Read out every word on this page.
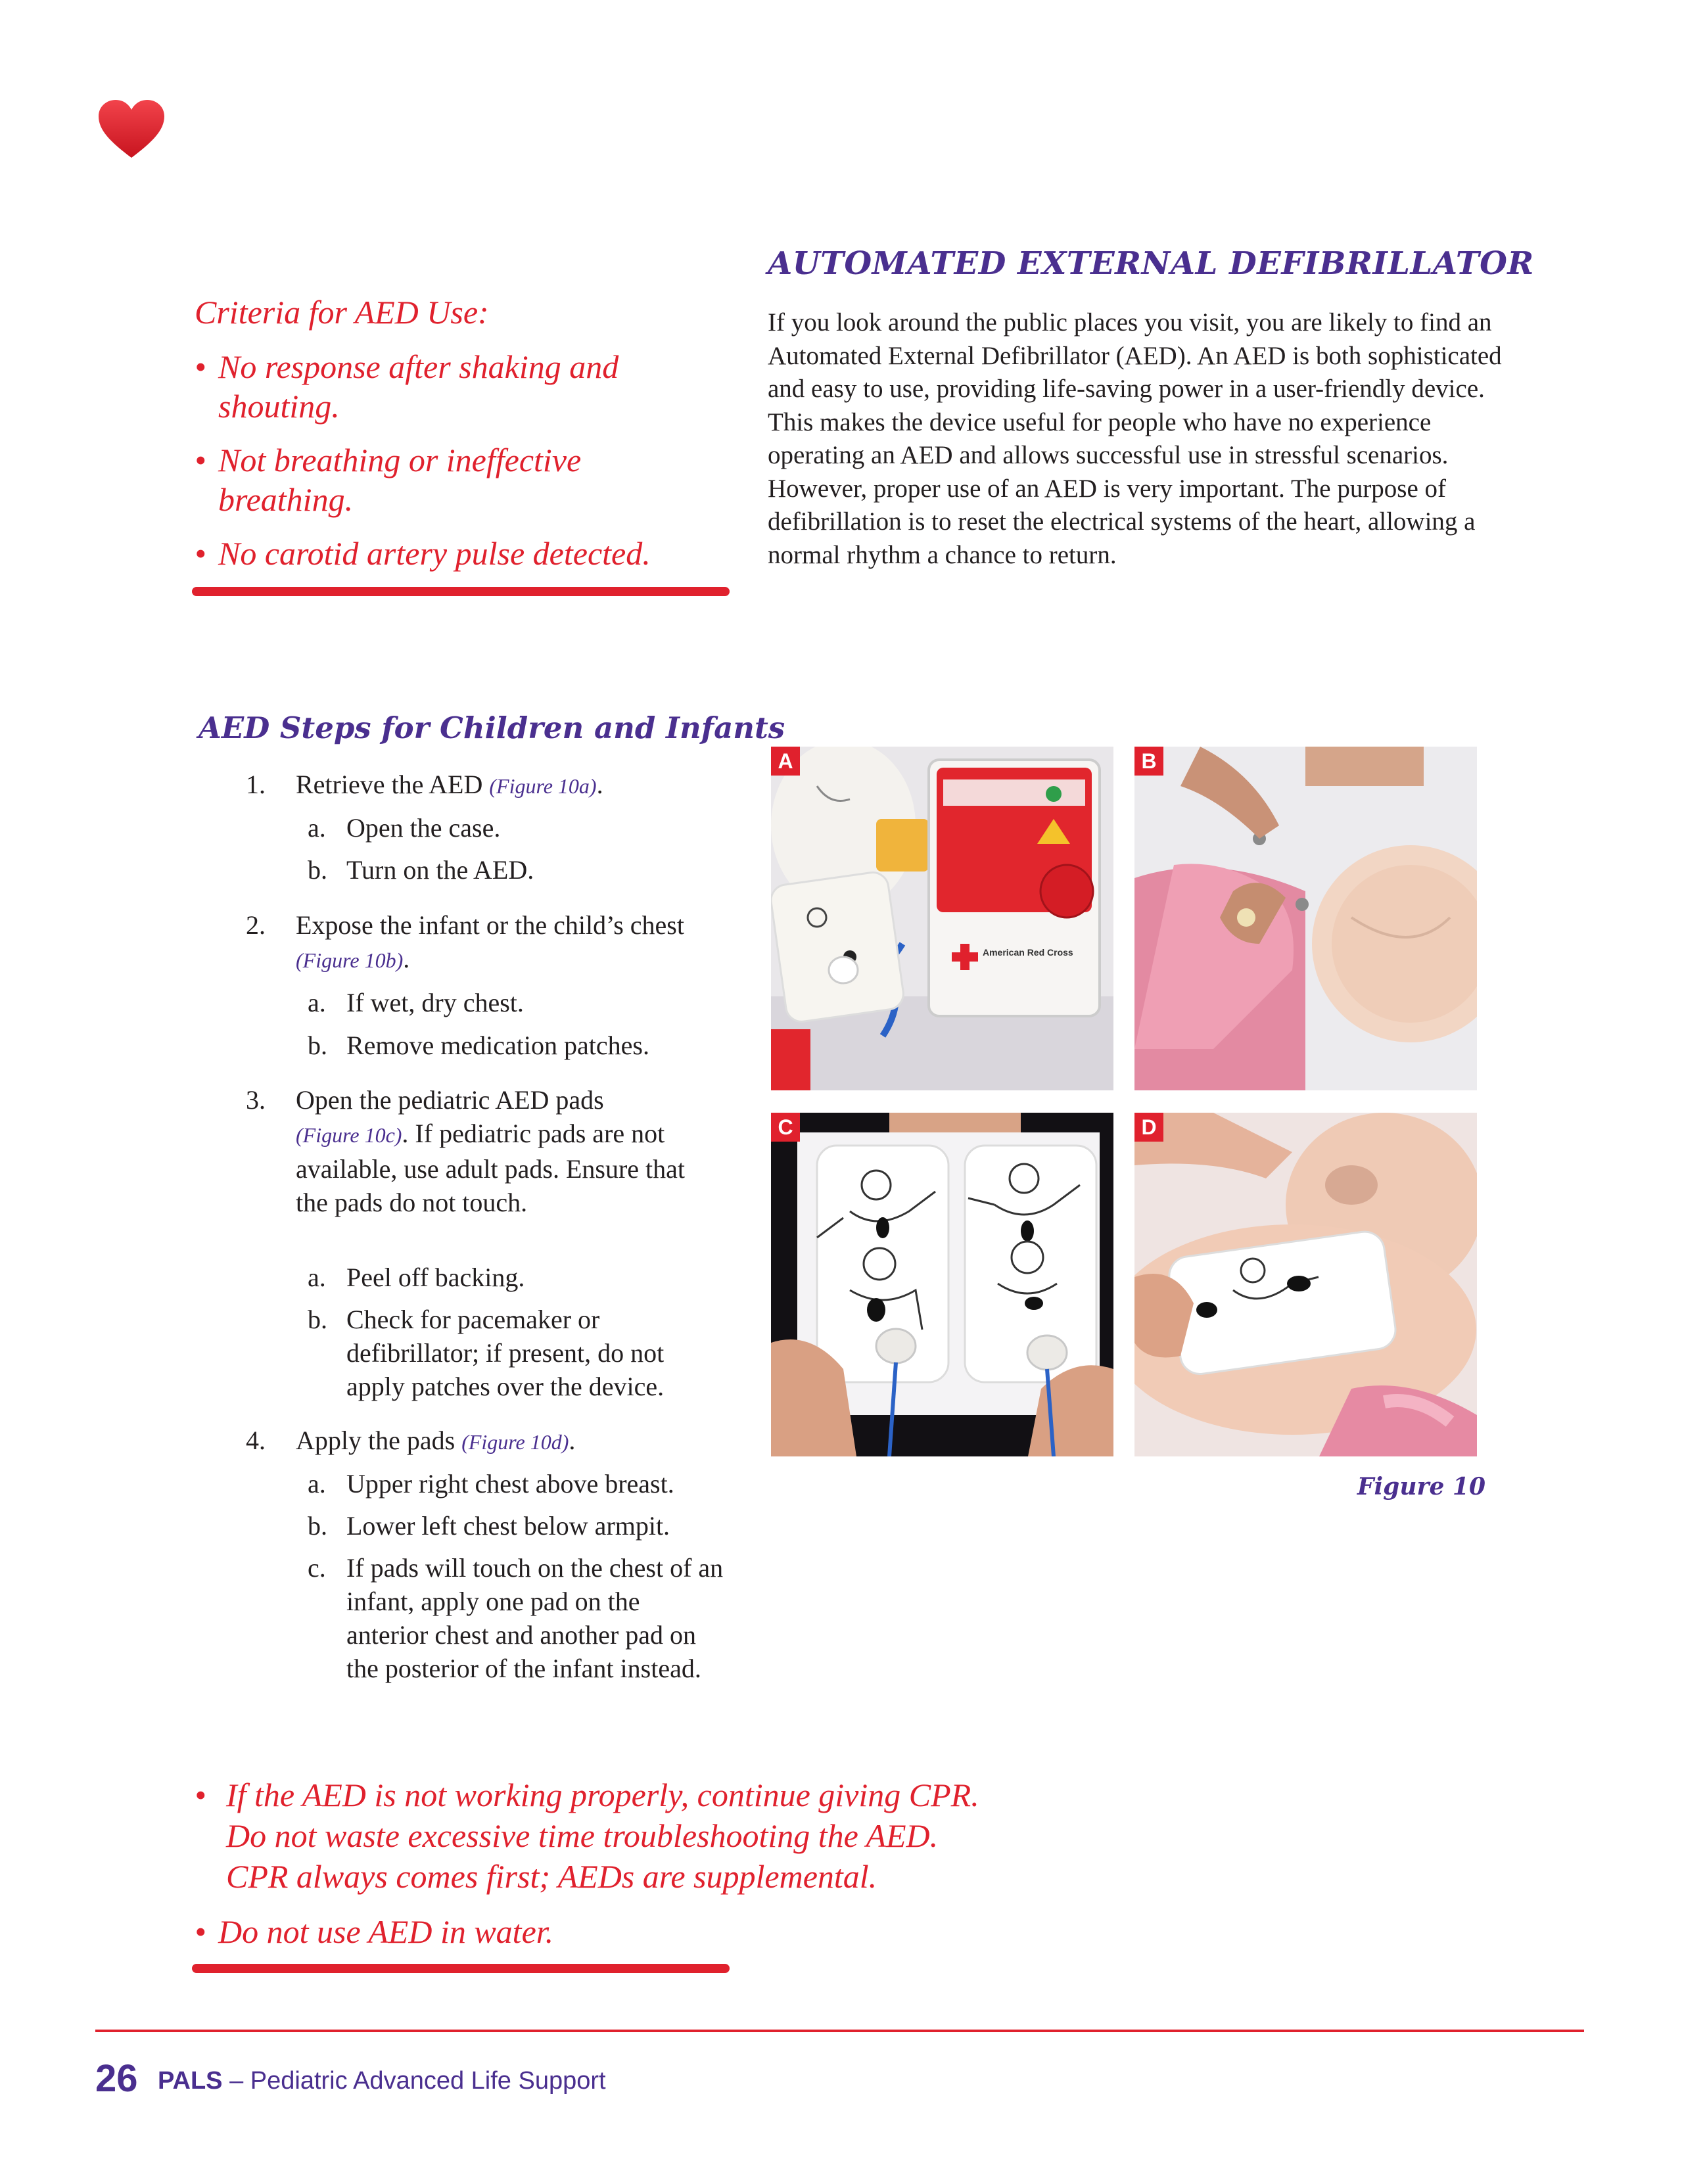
Criteria for AED Use:
• No response after shaking and shouting.
• Not breathing or ineffective breathing.
• No carotid artery pulse detected.
AUTOMATED EXTERNAL DEFIBRILLATOR
If you look around the public places you visit, you are likely to find an Automated External Defibrillator (AED). An AED is both sophisticated and easy to use, providing life-saving power in a user-friendly device. This makes the device useful for people who have no experience operating an AED and allows successful use in stressful scenarios. However, proper use of an AED is very important. The purpose of defibrillation is to reset the electrical systems of the heart, allowing a normal rhythm a chance to return.
AED Steps for Children and Infants
1. Retrieve the AED (Figure 10a).
a. Open the case.
b. Turn on the AED.
2. Expose the infant or the child’s chest
(Figure 10b).
a. If wet, dry chest.
b. Remove medication patches.
3. Open the pediatric AED pads
(Figure 10c). If pediatric pads are not available, use adult pads. Ensure that the pads do not touch.
a. Peel off backing.
b. Check for pacemaker or defibrillator; if present, do not apply patches over the device.
4. Apply the pads (Figure 10d).
a. Upper right chest above breast.
b. Lower left chest below armpit.
c. If pads will touch on the chest of an infant, apply one pad on the anterior chest and another pad on the posterior of the infant instead.
American Red Cross
A	B
C	D
Figure 10
• If the AED is not working properly, continue giving CPR.
Do not waste excessive time troubleshooting the AED.
CPR always comes first; AEDs are supplemental.
• Do not use AED in water.
26 PALS – Pediatric Advanced Life Support
